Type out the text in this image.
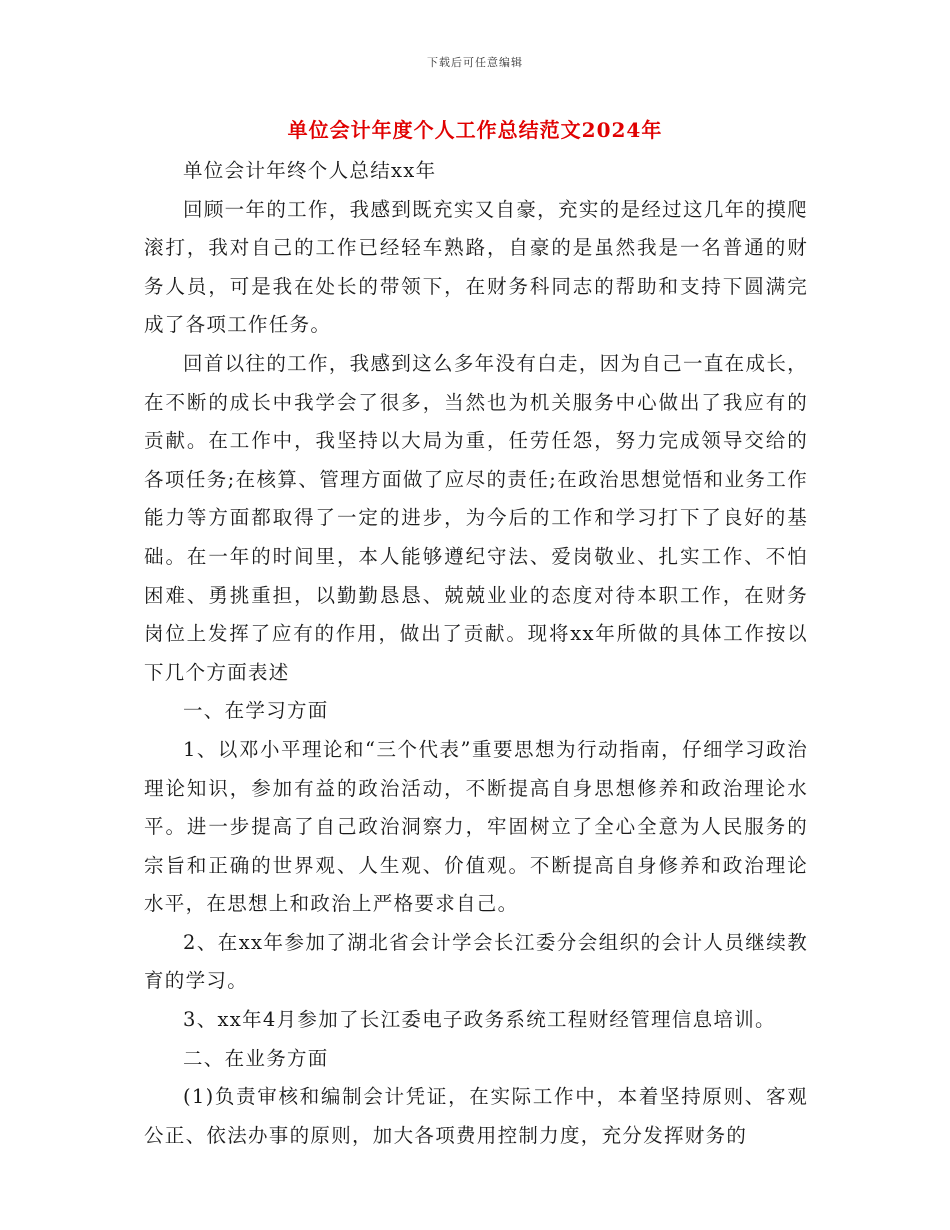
下载后可任意编辑
单位会计年度个人工作总结范文2024年

单位会计年终个人总结xx年

回顾一年的工作，我感到既充实又自豪，充实的是经过这几年的摸爬滚打，我对自己的工作已经轻车熟路，自豪的是虽然我是一名普通的财务人员，可是我在处长的带领下，在财务科同志的帮助和支持下圆满完成了各项工作任务。

回首以往的工作，我感到这么多年没有白走，因为自己一直在成长，在不断的成长中我学会了很多，当然也为机关服务中心做出了我应有的贡献。在工作中，我坚持以大局为重，任劳任怨，努力完成领导交给的各项任务;在核算、管理方面做了应尽的责任;在政治思想觉悟和业务工作能力等方面都取得了一定的进步，为今后的工作和学习打下了良好的基础。在一年的时间里，本人能够遵纪守法、爱岗敬业、扎实工作、不怕困难、勇挑重担，以勤勤恳恳、兢兢业业的态度对待本职工作，在财务岗位上发挥了应有的作用，做出了贡献。现将xx年所做的具体工作按以下几个方面表述

一、在学习方面

1、以邓小平理论和“三个代表”重要思想为行动指南，仔细学习政治理论知识，参加有益的政治活动，不断提高自身思想修养和政治理论水平。进一步提高了自己政治洞察力，牢固树立了全心全意为人民服务的宗旨和正确的世界观、人生观、价值观。不断提高自身修养和政治理论水平，在思想上和政治上严格要求自己。

2、在xx年参加了湖北省会计学会长江委分会组织的会计人员继续教育的学习。

3、xx年4月参加了长江委电子政务系统工程财经管理信息培训。

二、在业务方面

(1)负责审核和编制会计凭证，在实际工作中，本着坚持原则、客观公正、依法办事的原则，加大各项费用控制力度，充分发挥财务的
